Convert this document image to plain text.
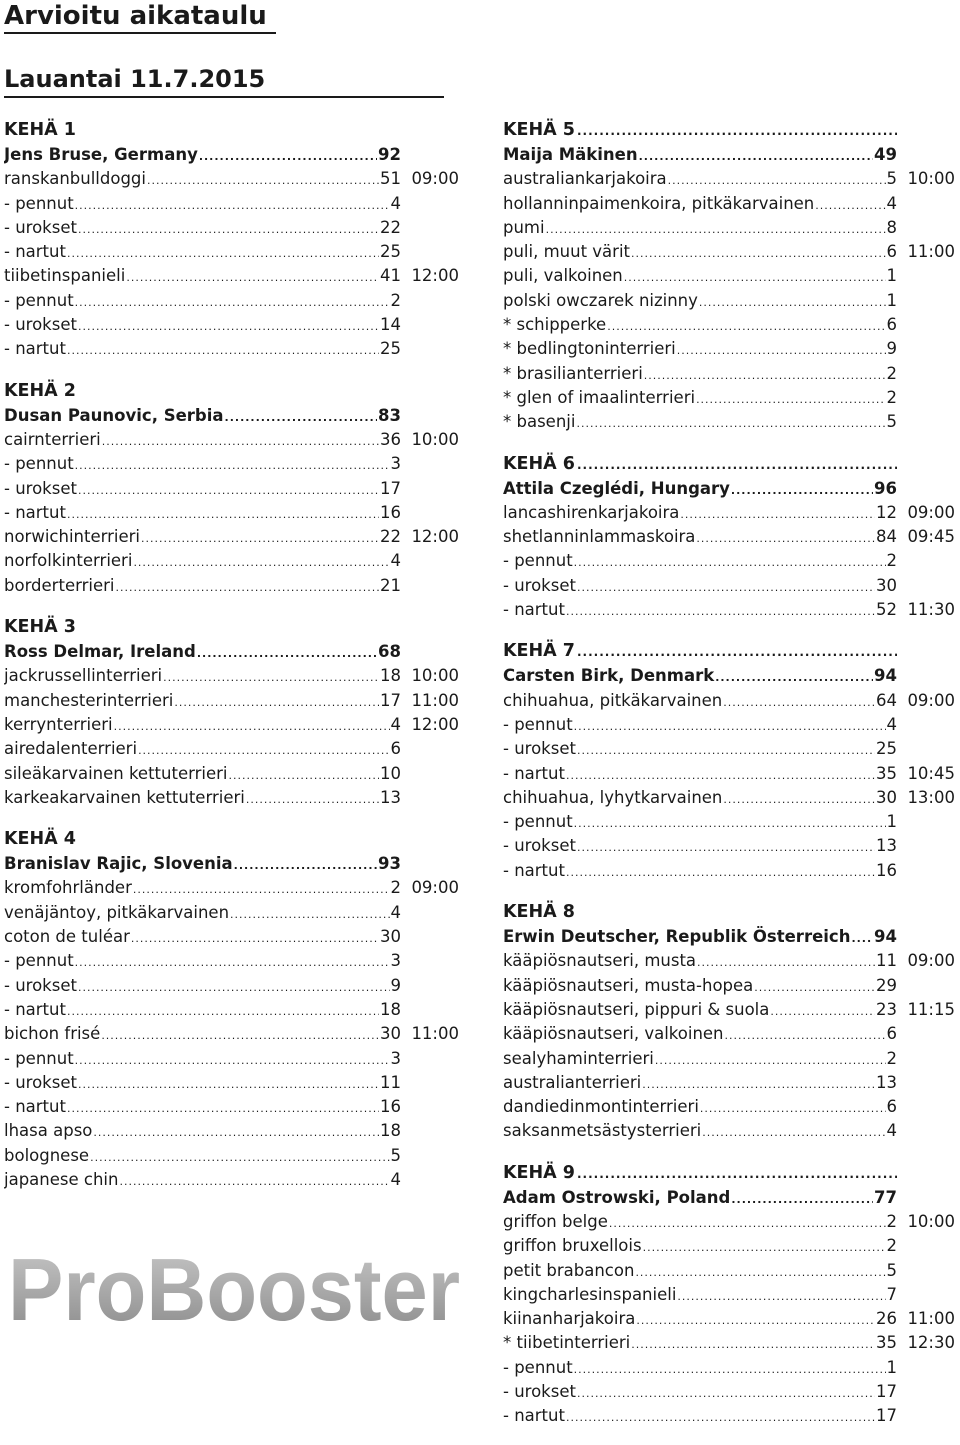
Arvioitu aikataulu
Lauantai 11.7.2015
KEHÄ 1
Jens Bruse, Germany .....	92
ranskanbulldoggi .....	51 09:00
- pennut .....	4
- urokset .....	22
- nartut .....	25
tiibetinspanieli .....	41 12:00
- pennut .....	2
- urokset .....	14
- nartut .....	25
KEHÄ 2
Dusan Paunovic, Serbia .....	83
cairnterrieri .....	36 10:00
- pennut .....	3
- urokset .....	17
- nartut .....	16
norwichinterrieri .....	22 12:00
norfolkinterrieri .....	4
borderterrieri .....	21
KEHÄ 3
Ross Delmar, Ireland .....	68
jackrussellinterrieri .....	18 10:00
manchesterinterrieri .....	17 11:00
kerrynterrieri .....	4 12:00
airedalenterrieri .....	6
sileäkarvainen kettuterrieri .....	10
karkeakarvainen kettuterrieri .....	13
KEHÄ 4
Branislav Rajic, Slovenia .....	93
kromfohrländer .....	2 09:00
venäjäntoy, pitkäkarvainen .....	4
coton de tuléar .....	30
- pennut .....	3
- urokset .....	9
- nartut .....	18
bichon frisé .....	30 11:00
- pennut .....	3
- urokset .....	11
- nartut .....	16
lhasa apso .....	18
bolognese .....	5
japanese chin .....	4
KEHÄ 5
.....
Maija Mäkinen .....	49
australiankarjakoira .....	5 10:00
hollanninpaimenkoira, pitkäkarvainen .....	4
pumi .....	8
puli, muut värit .....	6 11:00
puli, valkoinen .....	1
polski owczarek nizinny .....	1
* schipperke .....	6
* bedlingtoninterrieri .....	9
* brasilianterrieri .....	2
* glen of imaalinterrieri .....	2
* basenji .....	5
KEHÄ 6
.....
Attila Czeglédi, Hungary .....	96
lancashirenkarjakoira .....	12 09:00
shetlanninlammaskoira .....	84 09:45
- pennut .....	2
- urokset .....	30
- nartut .....	52 11:30
KEHÄ 7
.....
Carsten Birk, Denmark .....	94
chihuahua, pitkäkarvainen .....	64 09:00
- pennut .....	4
- urokset .....	25
- nartut .....	35 10:45
chihuahua, lyhytkarvainen .....	30 13:00
- pennut .....	1
- urokset .....	13
- nartut .....	16
KEHÄ 8
Erwin Deutscher, Republik Österreich ..... 94
kääpiösnautseri, musta .....	11 09:00
kääpiösnautseri, musta-hopea .....	29
kääpiösnautseri, pippuri & suola .....	23 11:15
kääpiösnautseri, valkoinen .....	6
sealyhaminterrieri .....	2
australianterrieri .....	13
dandiedinmontinterrieri .....	6
saksanmetsästysterrieri .....	4
KEHÄ 9
.....
Adam Ostrowski, Poland .....	77
griffon belge .....	2 10:00
griffon bruxellois .....	2
petit brabancon .....	5
kingcharlesinspanieli .....	7
kiinanharjakoira .....	26 11:00
* tiibetinterrieri .....	35 12:30
- pennut .....	1
- urokset .....	17
- nartut .....	17
ProBooster
